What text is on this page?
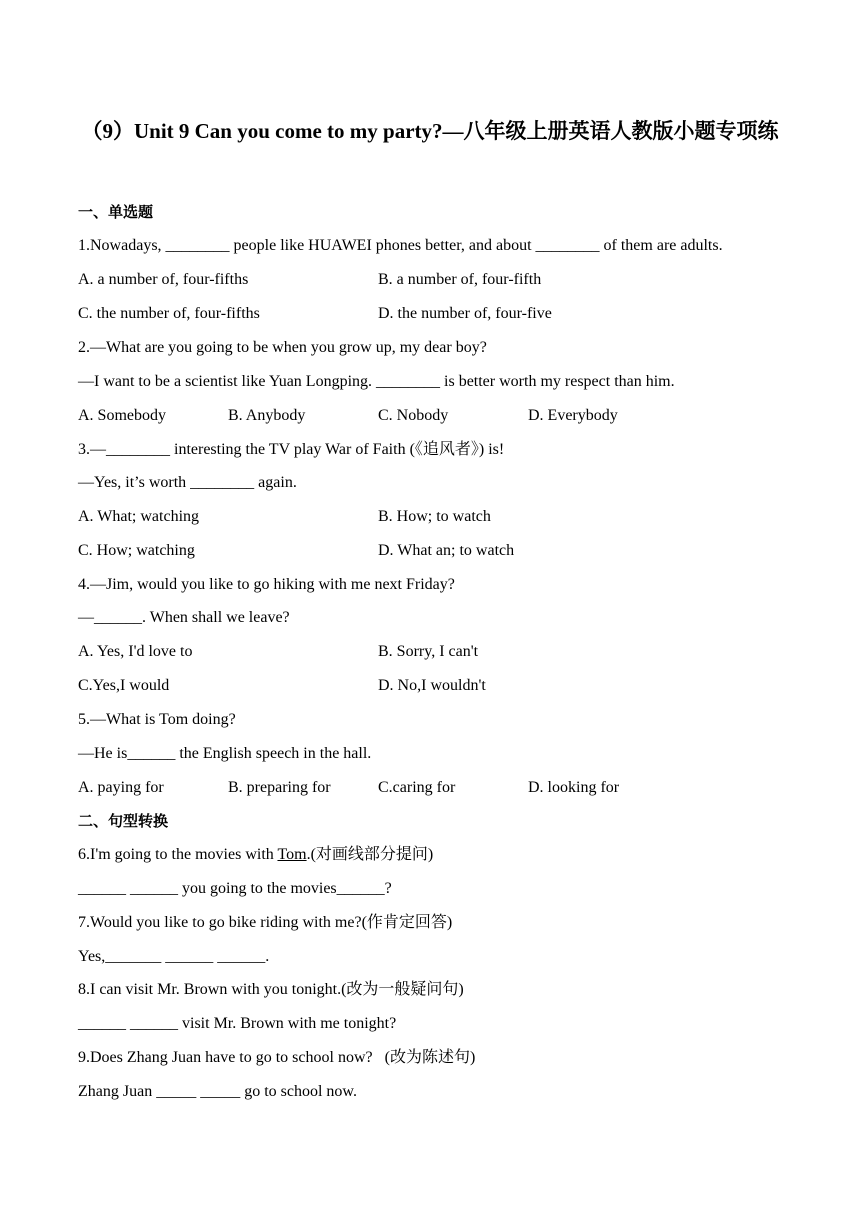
（9）Unit 9 Can you come to my party?—八年级上册英语人教版小题专项练
一、单选题
1.Nowadays, ________ people like HUAWEI phones better, and about ________ of them are adults.
A. a number of, four-fifths	B. a number of, four-fifth
C. the number of, four-fifths	D. the number of, four-five
2.—What are you going to be when you grow up, my dear boy?
—I want to be a scientist like Yuan Longping. ________ is better worth my respect than him.
A. Somebody	B. Anybody	C. Nobody	D. Everybody
3.—________ interesting the TV play War of Faith (《追风者》) is!
—Yes, it’s worth ________ again.
A. What; watching	B. How; to watch
C. How; watching	D. What an; to watch
4.—Jim, would you like to go hiking with me next Friday?
—______. When shall we leave?
A. Yes, I'd love to	B. Sorry, I can't
C.Yes,I would	D. No,I wouldn't
5.—What is Tom doing?
—He is______ the English speech in the hall.
A. paying for	B. preparing for	C.caring for	D. looking for
二、句型转换
6.I'm going to the movies with Tom.(对画线部分提问)
______ ______ you going to the movies______?
7.Would you like to go bike riding with me?(作肯定回答)
Yes,_______ ______ ______.
8.I can visit Mr. Brown with you tonight.(改为一般疑问句)
______ ______ visit Mr. Brown with me tonight?
9.Does Zhang Juan have to go to school now?   (改为陈述句)
Zhang Juan _____ _____ go to school now.
